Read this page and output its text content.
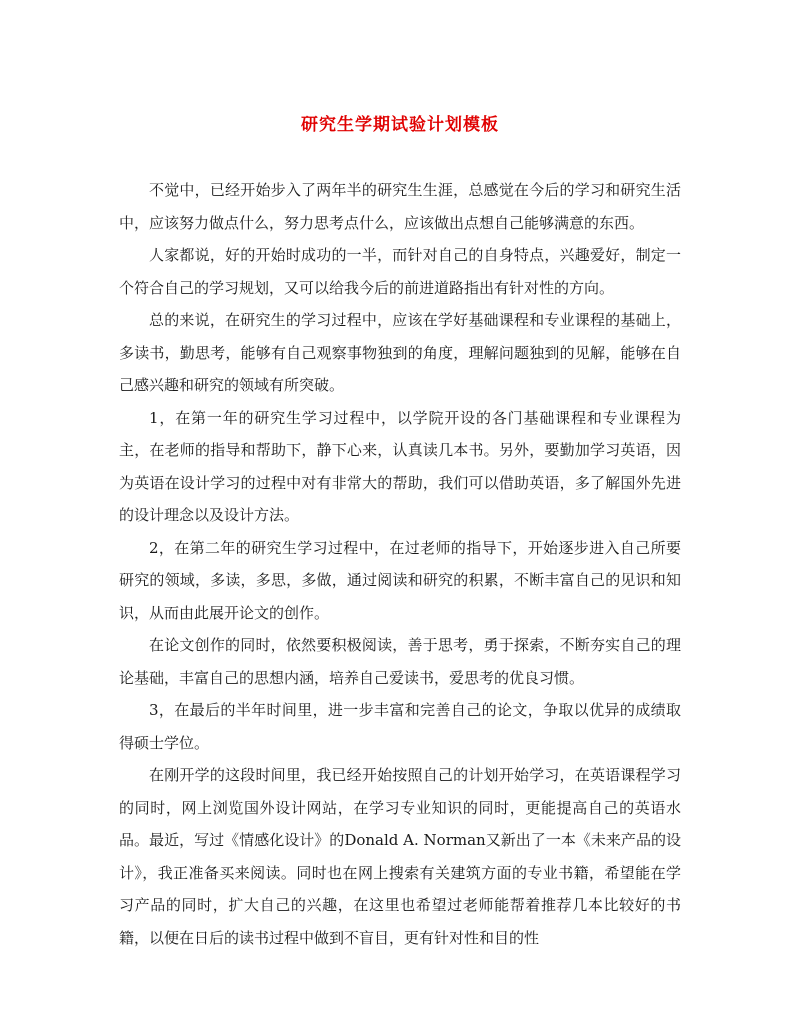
研究生学期试验计划模板

不觉中，已经开始步入了两年半的研究生生涯，总感觉在今后的学习和研究生活中，应该努力做点什么，努力思考点什么，应该做出点想自己能够满意的东西。

人家都说，好的开始时成功的一半，而针对自己的自身特点，兴趣爱好，制定一个符合自己的学习规划，又可以给我今后的前进道路指出有针对性的方向。

总的来说，在研究生的学习过程中，应该在学好基础课程和专业课程的基础上，多读书，勤思考，能够有自己观察事物独到的角度，理解问题独到的见解，能够在自己感兴趣和研究的领域有所突破。

1，在第一年的研究生学习过程中，以学院开设的各门基础课程和专业课程为主，在老师的指导和帮助下，静下心来，认真读几本书。另外，要勤加学习英语，因为英语在设计学习的过程中对有非常大的帮助，我们可以借助英语，多了解国外先进的设计理念以及设计方法。

2，在第二年的研究生学习过程中，在过老师的指导下，开始逐步进入自己所要研究的领域，多读，多思，多做，通过阅读和研究的积累，不断丰富自己的见识和知识，从而由此展开论文的创作。

在论文创作的同时，依然要积极阅读，善于思考，勇于探索，不断夯实自己的理论基础，丰富自己的思想内涵，培养自己爱读书，爱思考的优良习惯。

3，在最后的半年时间里，进一步丰富和完善自己的论文，争取以优异的成绩取得硕士学位。

在刚开学的这段时间里，我已经开始按照自己的计划开始学习，在英语课程学习的同时，网上浏览国外设计网站，在学习专业知识的同时，更能提高自己的英语水品。最近，写过《情感化设计》的Donald A. Norman又新出了一本《未来产品的设计》，我正准备买来阅读。同时也在网上搜索有关建筑方面的专业书籍，希望能在学习产品的同时，扩大自己的兴趣，在这里也希望过老师能帮着推荐几本比较好的书籍，以便在日后的读书过程中做到不盲目，更有针对性和目的性
